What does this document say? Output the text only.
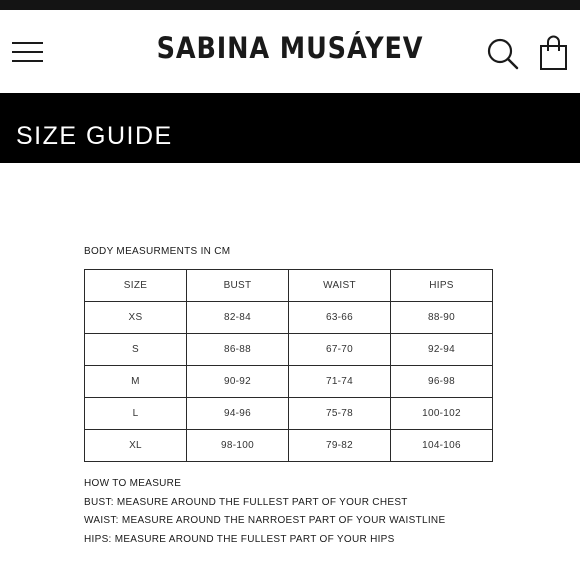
SABINA MUSÁYEV
SIZE GUIDE
BODY MEASURMENTS IN CM
SIZE	BUST	WAIST	HIPS
XS	82-84	63-66	88-90
S	86-88	67-70	92-94
M	90-92	71-74	96-98
L	94-96	75-78	100-102
XL	98-100	79-82	104-106
HOW TO MEASURE
BUST: MEASURE AROUND THE FULLEST PART OF YOUR CHEST
WAIST: MEASURE AROUND THE NARROEST PART OF YOUR WAISTLINE
HIPS: MEASURE AROUND THE FULLEST PART OF YOUR HIPS
